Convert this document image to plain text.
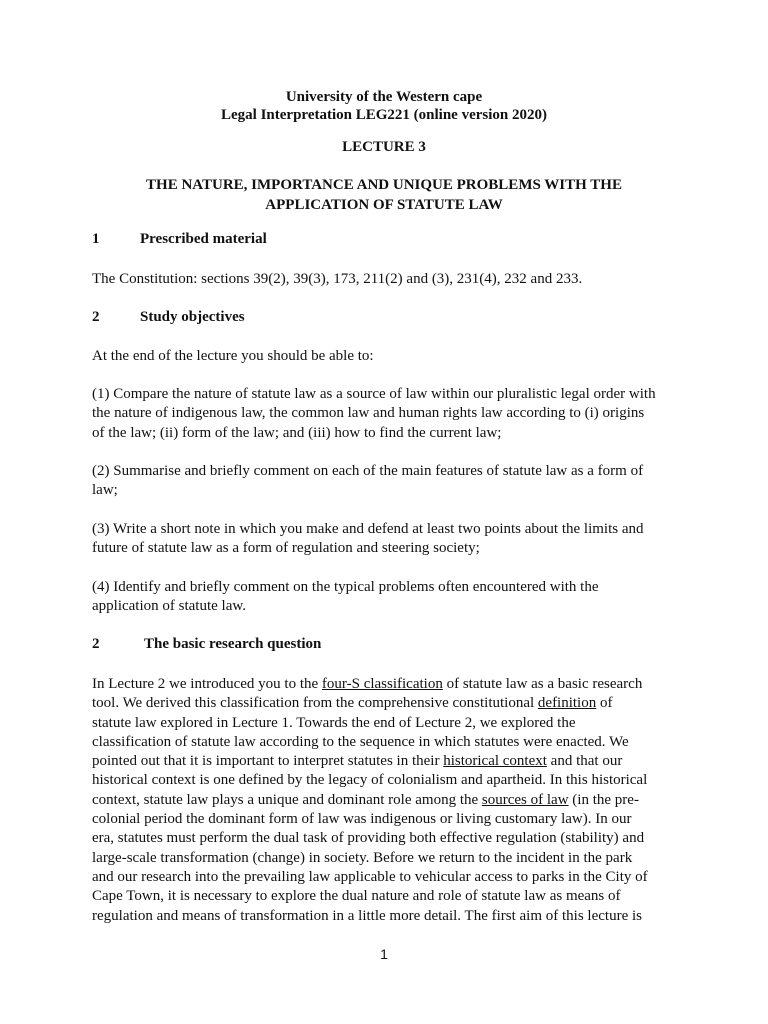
University of the Western cape
Legal Interpretation LEG221 (online version 2020)
LECTURE 3
THE NATURE, IMPORTANCE AND UNIQUE PROBLEMS WITH THE
APPLICATION OF STATUTE LAW
1	Prescribed material
The Constitution: sections 39(2), 39(3), 173, 211(2) and (3), 231(4), 232 and 233.
2	Study objectives
At the end of the lecture you should be able to:
(1) Compare the nature of statute law as a source of law within our pluralistic legal order with
the nature of indigenous law, the common law and human rights law according to (i) origins
of the law; (ii) form of the law; and (iii) how to find the current law;
(2) Summarise and briefly comment on each of the main features of statute law as a form of
law;
(3) Write a short note in which you make and defend at least two points about the limits and
future of statute law as a form of regulation and steering society;
(4) Identify and briefly comment on the typical problems often encountered with the
application of statute law.
2	The basic research question
In Lecture 2 we introduced you to the four-S classification of statute law as a basic research
tool. We derived this classification from the comprehensive constitutional definition of
statute law explored in Lecture 1. Towards the end of Lecture 2, we explored the
classification of statute law according to the sequence in which statutes were enacted. We
pointed out that it is important to interpret statutes in their historical context and that our
historical context is one defined by the legacy of colonialism and apartheid. In this historical
context, statute law plays a unique and dominant role among the sources of law (in the pre-
colonial period the dominant form of law was indigenous or living customary law). In our
era, statutes must perform the dual task of providing both effective regulation (stability) and
large-scale transformation (change) in society. Before we return to the incident in the park
and our research into the prevailing law applicable to vehicular access to parks in the City of
Cape Town, it is necessary to explore the dual nature and role of statute law as means of
regulation and means of transformation in a little more detail. The first aim of this lecture is
1
